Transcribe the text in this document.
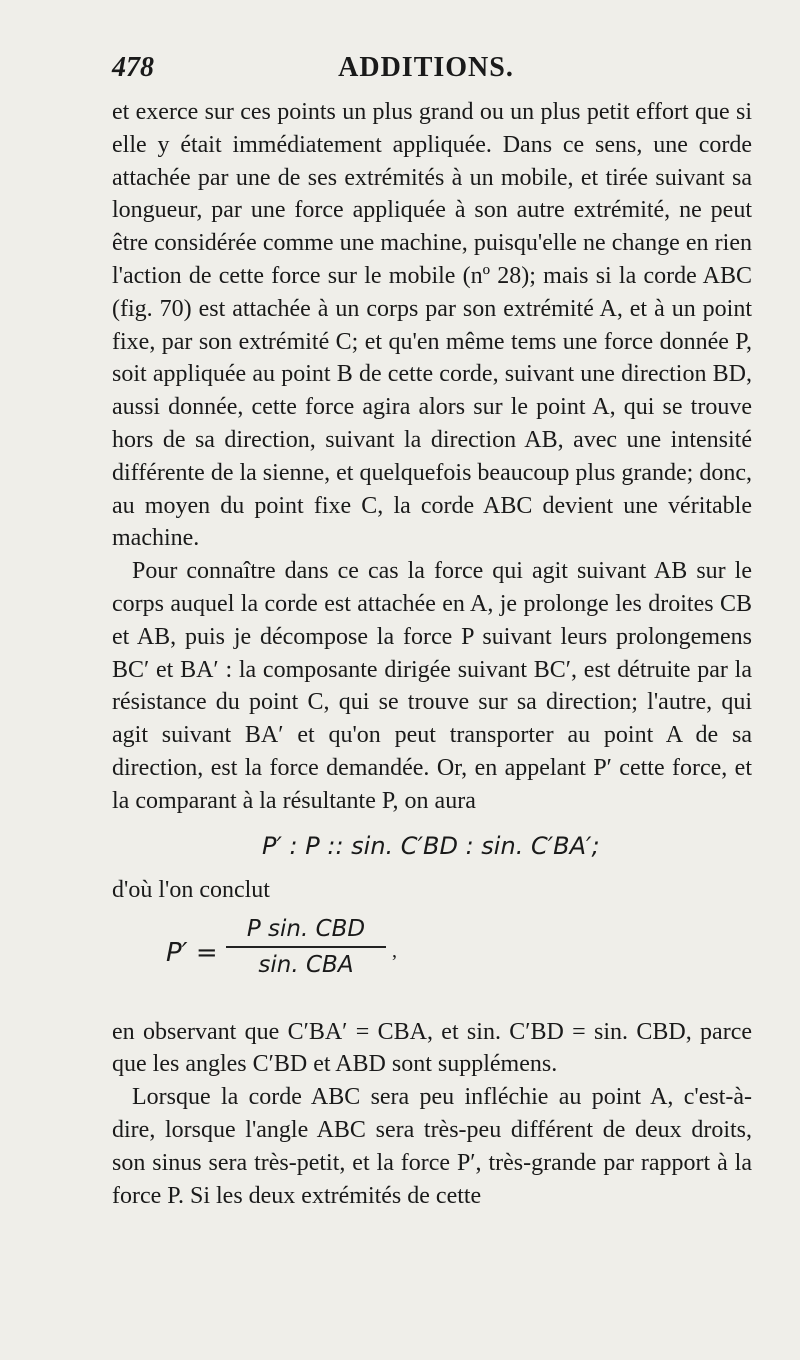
478	ADDITIONS.

et exerce sur ces points un plus grand ou un plus petit effort que si elle y était immédiatement appliquée. Dans ce sens, une corde attachée par une de ses extrémités à un mobile, et tirée suivant sa longueur, par une force appliquée à son autre extrémité, ne peut être considérée comme une machine, puisqu'elle ne change en rien l'action de cette force sur le mobile (nº 28); mais si la corde ABC (fig. 70) est attachée à un corps par son extrémité A, et à un point fixe, par son extrémité C; et qu'en même tems une force donnée P, soit appliquée au point B de cette corde, suivant une direction BD, aussi donnée, cette force agira alors sur le point A, qui se trouve hors de sa direction, suivant la direction AB, avec une intensité différente de la sienne, et quelquefois beaucoup plus grande; donc, au moyen du point fixe C, la corde ABC devient une véritable machine.

Pour connaître dans ce cas la force qui agit suivant AB sur le corps auquel la corde est attachée en A, je prolonge les droites CB et AB, puis je décompose la force P suivant leurs prolongemens BC′ et BA′ : la composante dirigée suivant BC′, est détruite par la résistance du point C, qui se trouve sur sa direction; l'autre, qui agit suivant BA′ et qu'on peut transporter au point A de sa direction, est la force demandée. Or, en appelant P′ cette force, et la comparant à la résultante P, on aura

P′ : P :: sin. C′BD : sin. C′BA′;

d'où l'on conclut

P′ =
P sin. CBD
sin. CBA
,

en observant que C′BA′ = CBA, et sin. C′BD = sin. CBD, parce que les angles C′BD et ABD sont supplémens.

Lorsque la corde ABC sera peu infléchie au point A, c'est-à-dire, lorsque l'angle ABC sera très-peu différent de deux droits, son sinus sera très-petit, et la force P′, très-grande par rapport à la force P. Si les deux extrémités de cette
